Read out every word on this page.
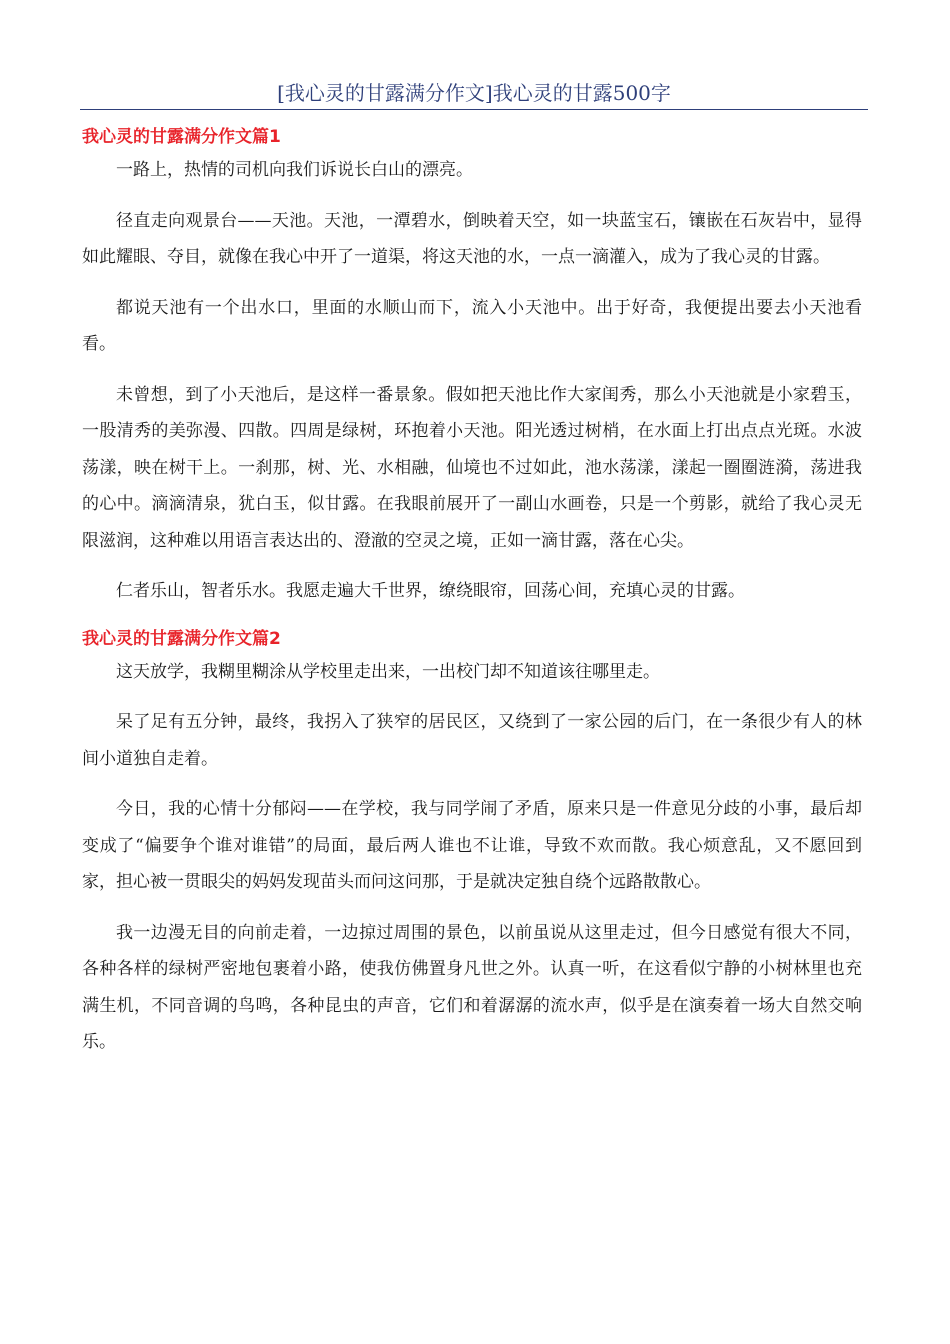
[我心灵的甘露满分作文]我心灵的甘露500字
我心灵的甘露满分作文篇1

一路上，热情的司机向我们诉说长白山的漂亮。

径直走向观景台——天池。天池，一潭碧水，倒映着天空，如一块蓝宝石，镶嵌在石灰岩中，显得如此耀眼、夺目，就像在我心中开了一道渠，将这天池的水，一点一滴灌入，成为了我心灵的甘露。

都说天池有一个出水口，里面的水顺山而下，流入小天池中。出于好奇，我便提出要去小天池看看。

未曾想，到了小天池后，是这样一番景象。假如把天池比作大家闺秀，那么小天池就是小家碧玉，一股清秀的美弥漫、四散。四周是绿树，环抱着小天池。阳光透过树梢，在水面上打出点点光斑。水波荡漾，映在树干上。一刹那，树、光、水相融，仙境也不过如此，池水荡漾，漾起一圈圈涟漪，荡进我的心中。滴滴清泉，犹白玉，似甘露。在我眼前展开了一副山水画卷，只是一个剪影，就给了我心灵无限滋润，这种难以用语言表达出的、澄澈的空灵之境，正如一滴甘露，落在心尖。

仁者乐山，智者乐水。我愿走遍大千世界，缭绕眼帘，回荡心间，充填心灵的甘露。

我心灵的甘露满分作文篇2

这天放学，我糊里糊涂从学校里走出来，一出校门却不知道该往哪里走。

呆了足有五分钟，最终，我拐入了狭窄的居民区，又绕到了一家公园的后门，在一条很少有人的林间小道独自走着。

今日，我的心情十分郁闷——在学校，我与同学闹了矛盾，原来只是一件意见分歧的小事，最后却变成了“偏要争个谁对谁错”的局面，最后两人谁也不让谁，导致不欢而散。我心烦意乱，又不愿回到家，担心被一贯眼尖的妈妈发现苗头而问这问那，于是就决定独自绕个远路散散心。

我一边漫无目的向前走着，一边掠过周围的景色，以前虽说从这里走过，但今日感觉有很大不同，各种各样的绿树严密地包裹着小路，使我仿佛置身凡世之外。认真一听，在这看似宁静的小树林里也充满生机，不同音调的鸟鸣，各种昆虫的声音，它们和着潺潺的流水声，似乎是在演奏着一场大自然交响乐。
